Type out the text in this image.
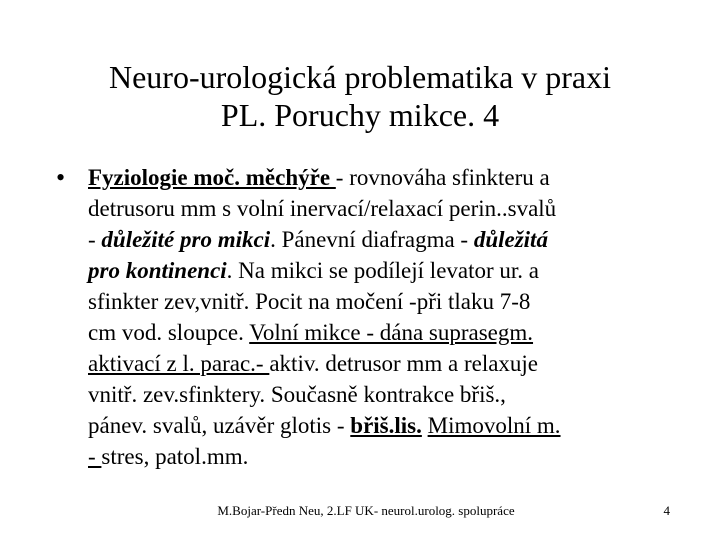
Neuro-urologická problematika v praxi
PL. Poruchy mikce. 4
• Fyziologie moč. měchýře - rovnováha sfinkteru a
detrusoru mm s volní inervací/relaxací perin..svalů
- důležité pro mikci. Pánevní diafragma - důležitá
pro kontinenci. Na mikci se podílejí levator ur. a
sfinkter zev,vnitř. Pocit na močení -při tlaku 7-8
cm vod. sloupce. Volní mikce - dána suprasegm.
aktivací z l. parac.- aktiv. detrusor mm a relaxuje
vnitř. zev.sfinktery. Současně kontrakce břiš.,
pánev. svalů, uzávěr glotis - břiš.lis. Mimovolní m.
- stres, patol.mm.
M.Bojar-Předn Neu, 2.LF UK- neurol.urolog. spolupráce	4
